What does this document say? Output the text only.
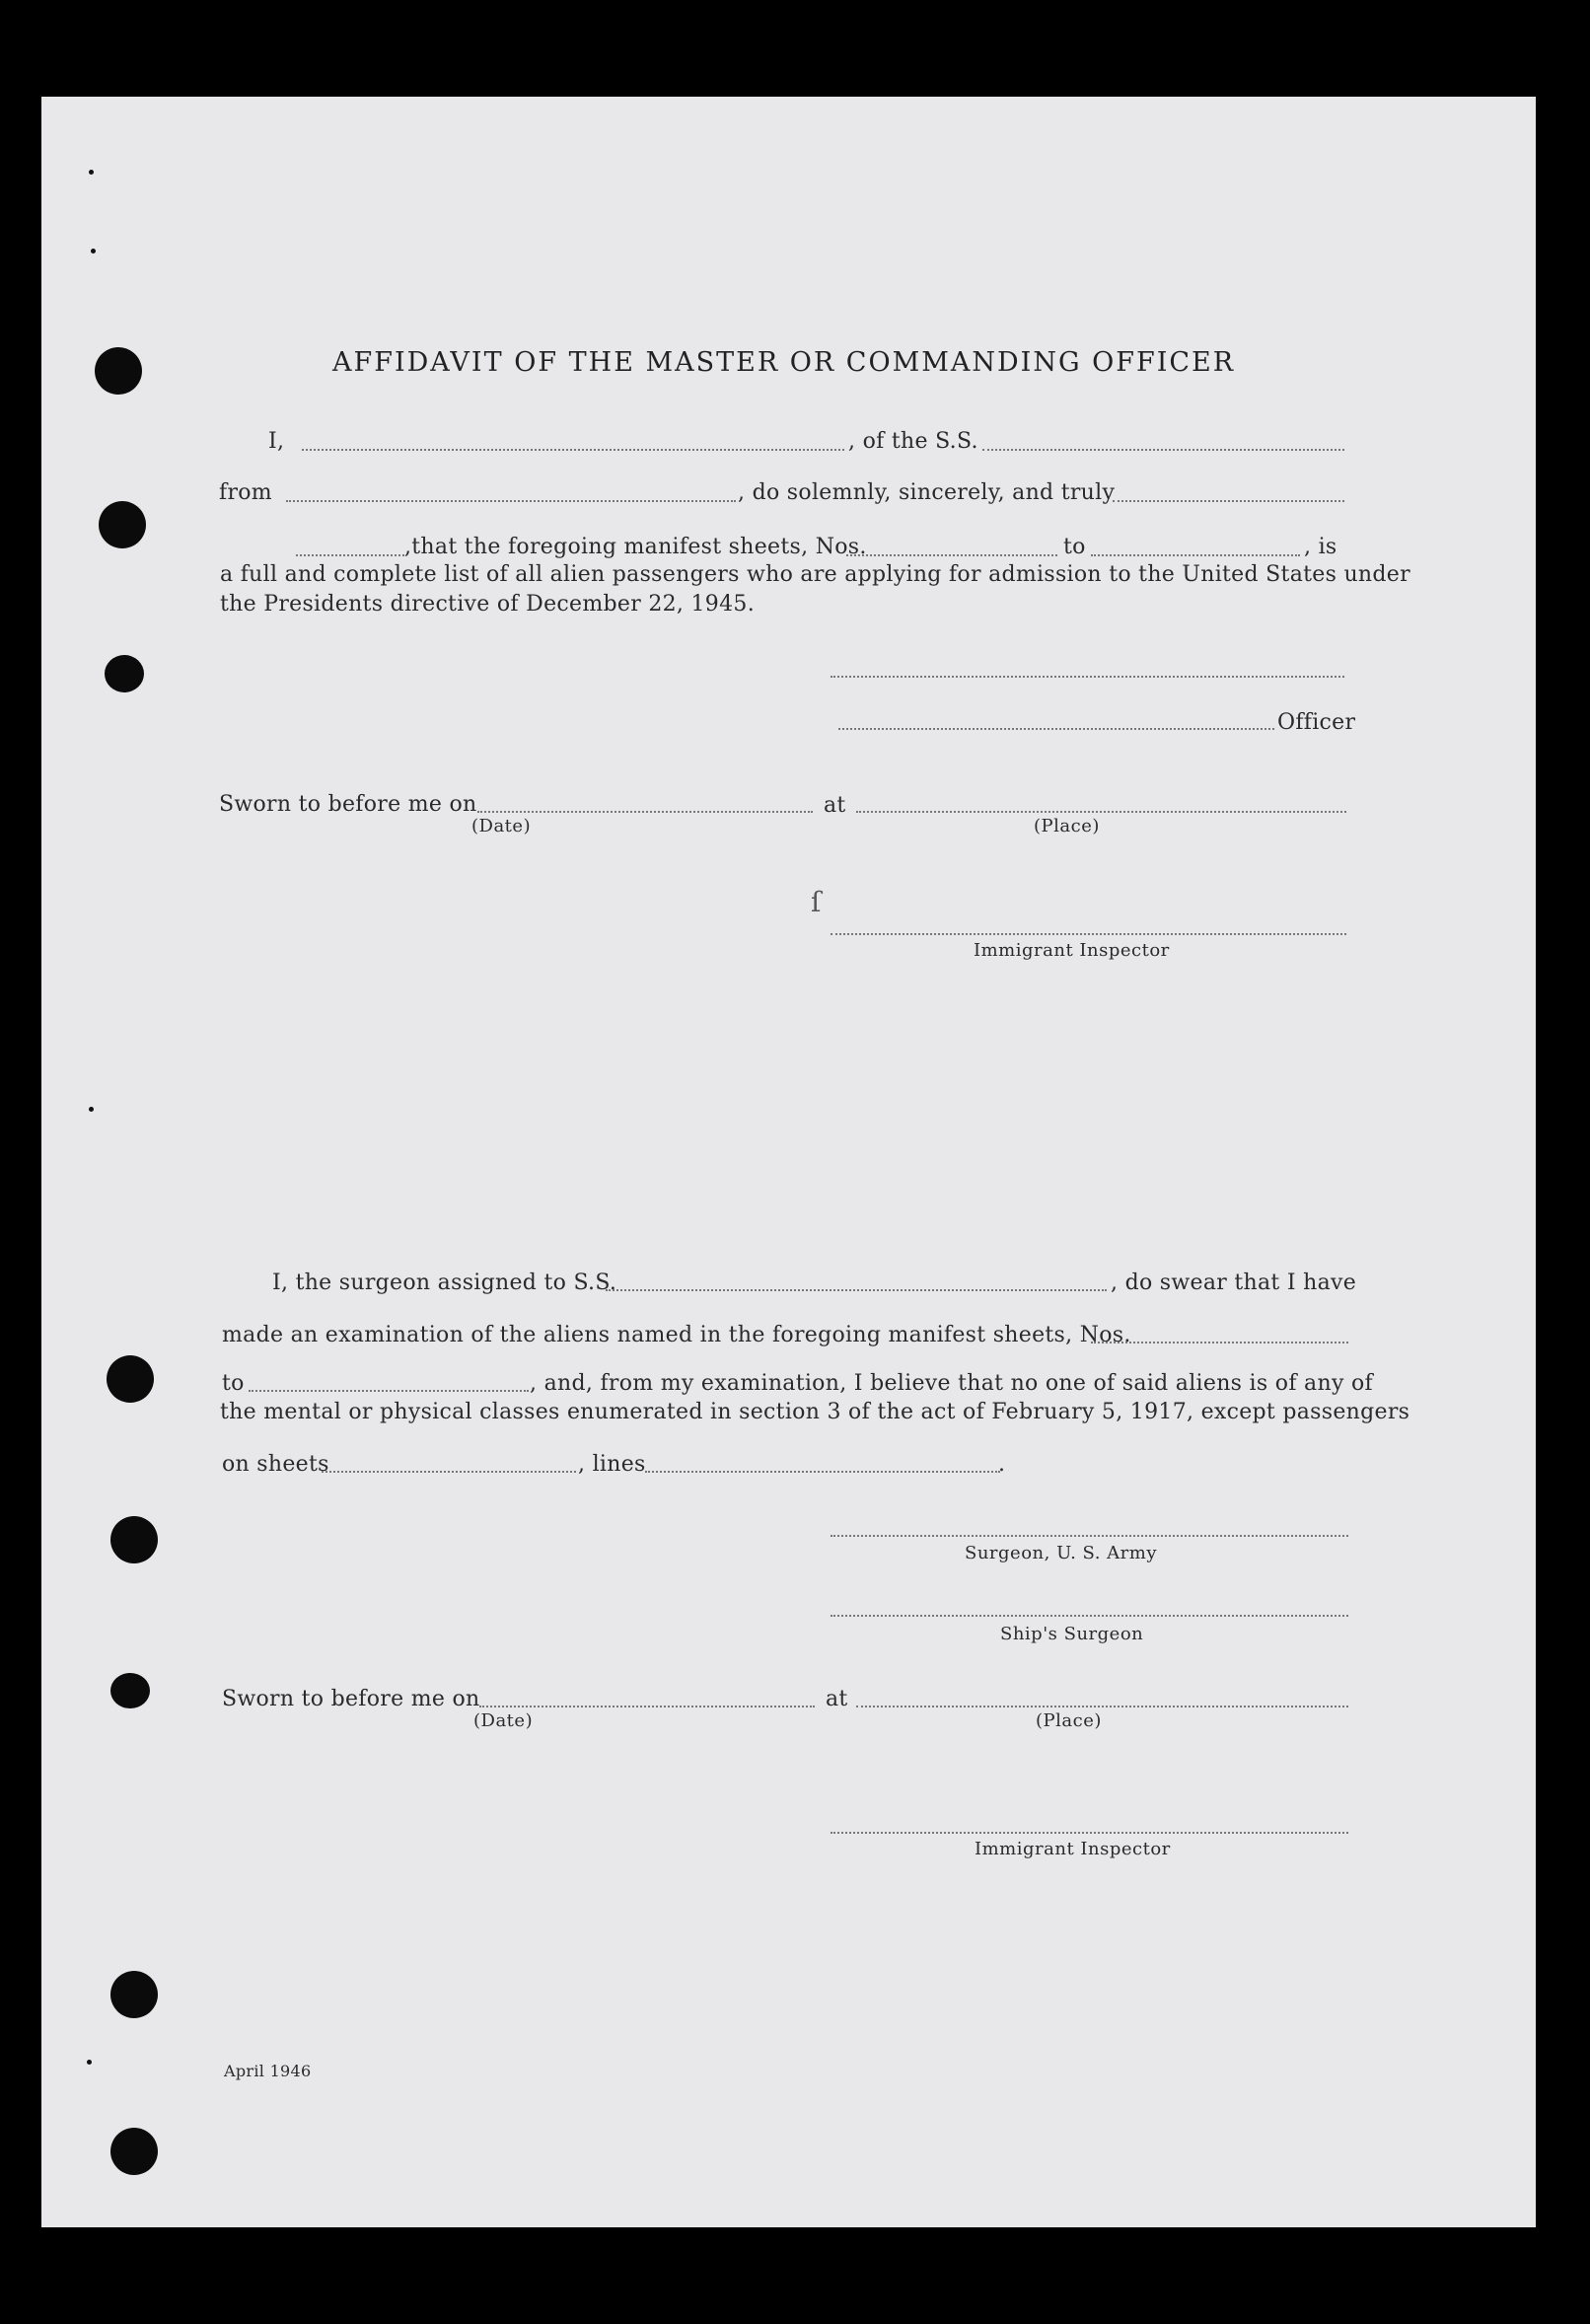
ſ
AFFIDAVIT OF THE MASTER OR COMMANDING OFFICER
I,	, of the S.S.
from	, do solemnly, sincerely, and truly
,that the foregoing manifest sheets, Nos.	to	, is
a full and complete list of all alien passengers who are applying for admission to the United States under
the Presidents directive of December 22, 1945.
Officer
Sworn to before me on	at
(Date)	(Place)
Immigrant Inspector
I, the surgeon assigned to S.S.	, do swear that I have
made an examination of the aliens named in the foregoing manifest sheets, Nos.
to	, and, from my examination, I believe that no one of said aliens is of any of
the mental or physical classes enumerated in section 3 of the act of February 5, 1917, except passengers
on sheets	, lines	.
Surgeon, U. S. Army
Ship's Surgeon
Sworn to before me on	at
(Date)	(Place)
Immigrant Inspector
April 1946
